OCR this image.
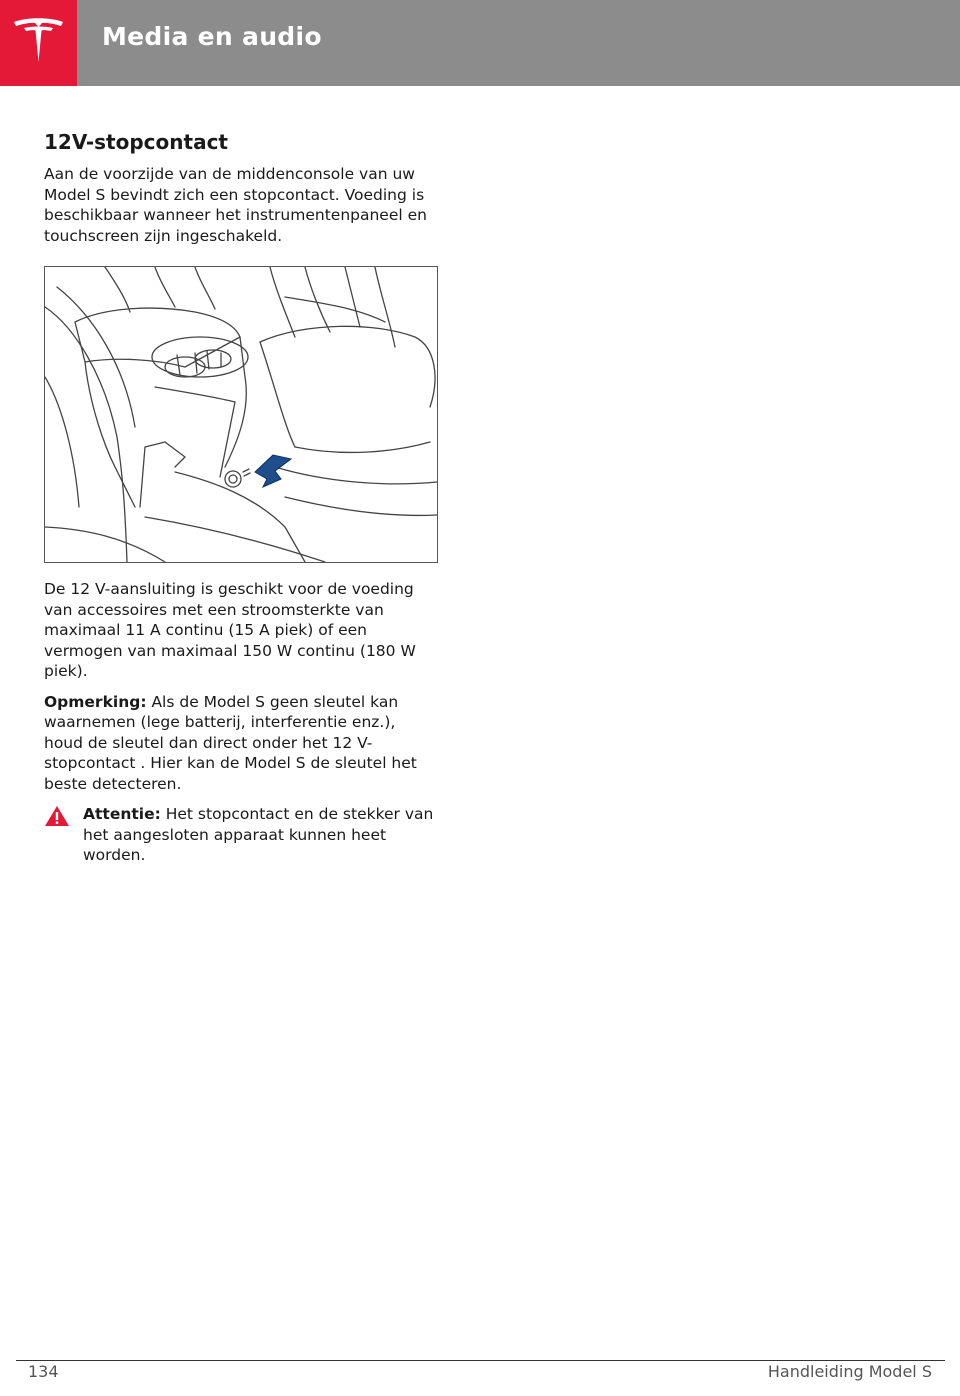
Media en audio
12V-stopcontact

Aan de voorzijde van de middenconsole van uw Model S bevindt zich een stopcontact. Voeding is beschikbaar wanneer het instrumentenpaneel en touchscreen zijn ingeschakeld.

De 12 V-aansluiting is geschikt voor de voeding van accessoires met een stroomsterkte van maximaal 11 A continu (15 A piek) of een vermogen van maximaal 150 W continu (180 W piek).

Opmerking: Als de Model S geen sleutel kan waarnemen (lege batterij, interferentie enz.), houd de sleutel dan direct onder het 12 V-stopcontact . Hier kan de Model S de sleutel het beste detecteren.

Attentie: Het stopcontact en de stekker van het aangesloten apparaat kunnen heet worden.

134	Handleiding Model S
